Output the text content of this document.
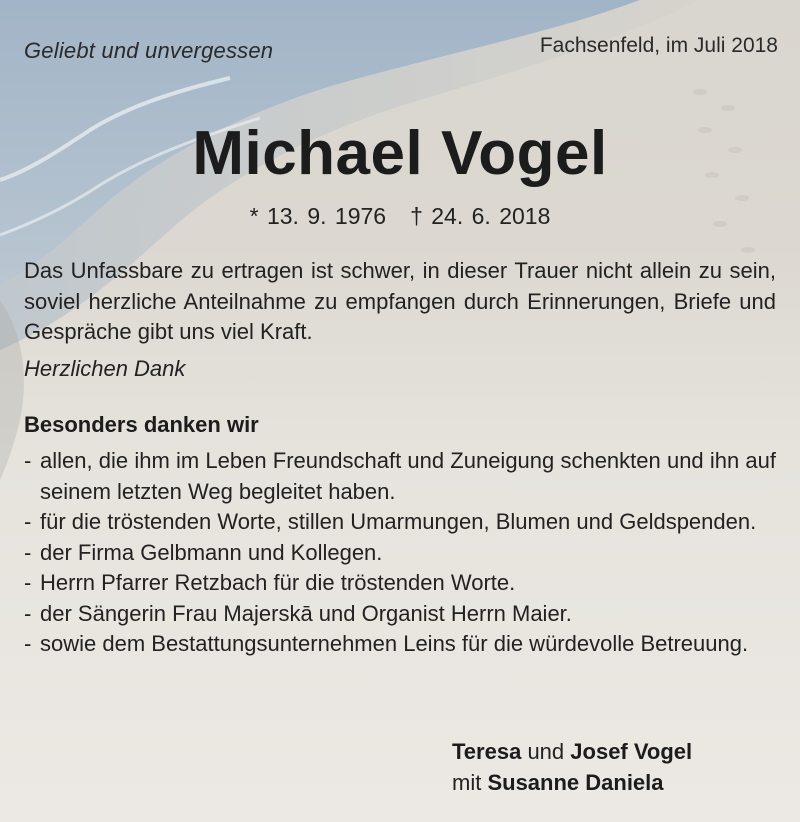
Geliebt und unvergessen	Fachsenfeld, im Juli 2018
Michael Vogel
* 13. 9. 1976 † 24. 6. 2018
Das Unfassbare zu ertragen ist schwer, in dieser Trauer nicht allein zu sein, soviel herzliche Anteilnahme zu empfangen durch Erinnerungen, Briefe und Gespräche gibt uns viel Kraft.
Herzlichen Dank
Besonders danken wir
- allen, die ihm im Leben Freundschaft und Zuneigung schenkten und ihn auf seinem letzten Weg begleitet haben.
- für die tröstenden Worte, stillen Umarmungen, Blumen und Geldspenden.
- der Firma Gelbmann und Kollegen.
- Herrn Pfarrer Retzbach für die tröstenden Worte.
- der Sängerin Frau Majerskā und Organist Herrn Maier.
- sowie dem Bestattungsunternehmen Leins für die würdevolle Betreuung.
Teresa und Josef Vogel
mit Susanne Daniela
